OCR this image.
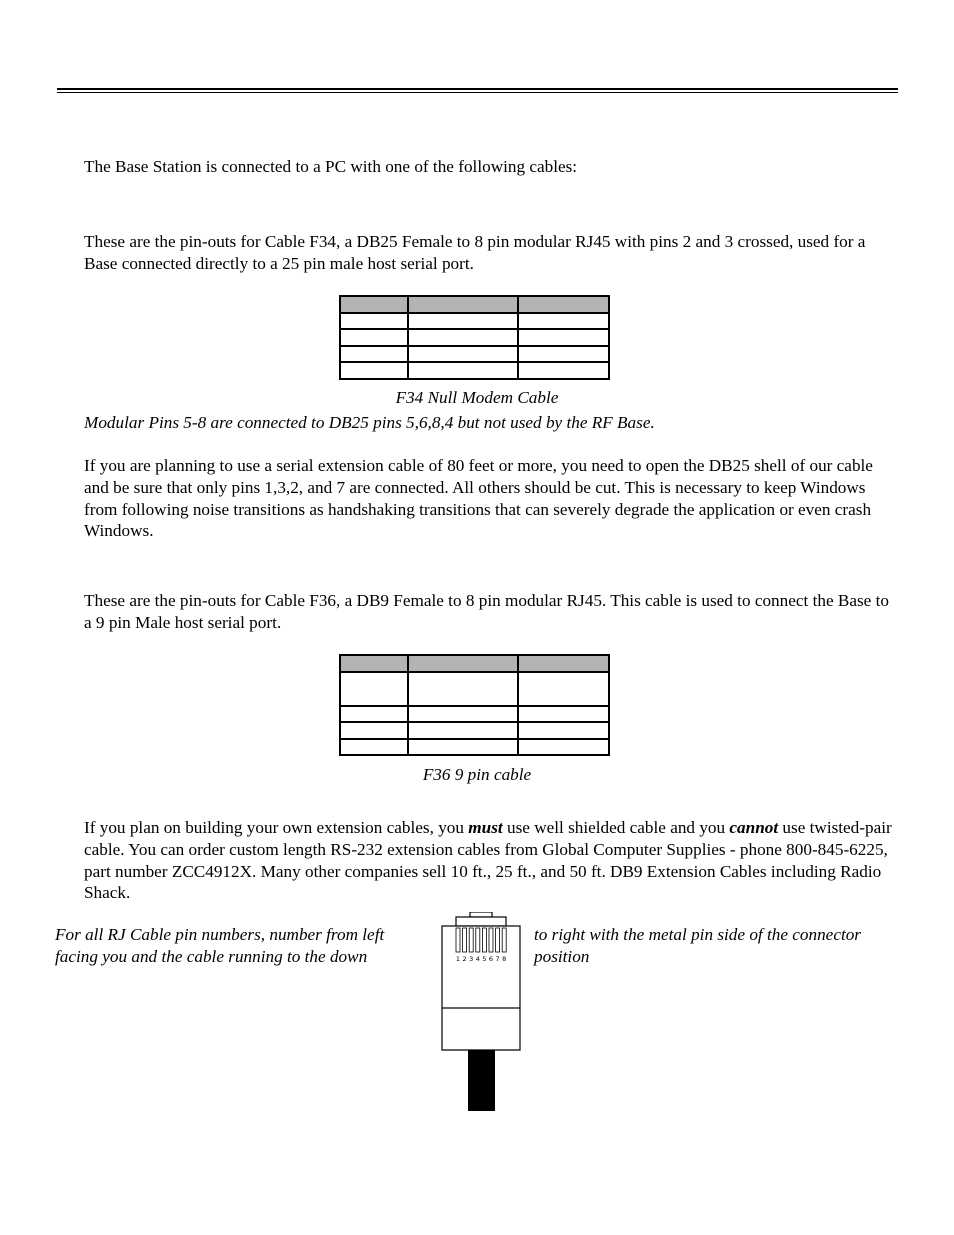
The Base Station is connected to a PC with one of the following cables:

These are the pin-outs for Cable F34, a DB25 Female to 8 pin modular RJ45 with pins 2 and 3 crossed, used for a Base connected directly to a 25 pin male host serial port.

F34 Null Modem Cable

Modular Pins 5-8 are connected to DB25 pins 5,6,8,4 but not used by the RF Base.

If you are planning to use a serial extension cable of 80 feet or more, you need to open the DB25 shell of our cable and be sure that only pins 1,3,2, and 7 are connected. All others should be cut. This is necessary to keep Windows from following noise transitions as handshaking transitions that can severely degrade the application or even crash Windows.

These are the pin-outs for Cable F36, a DB9 Female to 8 pin modular RJ45. This cable is used to connect the Base to a 9 pin Male host serial port.

F36 9 pin cable

If you plan on building your own extension cables, you must use well shielded cable and you cannot use twisted-pair cable. You can order custom length RS-232 extension cables from Global Computer Supplies - phone 800-845-6225, part number ZCC4912X. Many other companies sell 10 ft., 25 ft., and 50 ft. DB9 Extension Cables including Radio Shack.

For all RJ Cable pin numbers, number from left facing you and the cable running to the down

to right with the metal pin side of the connector position

1 2 3 4 5 6 7 8
